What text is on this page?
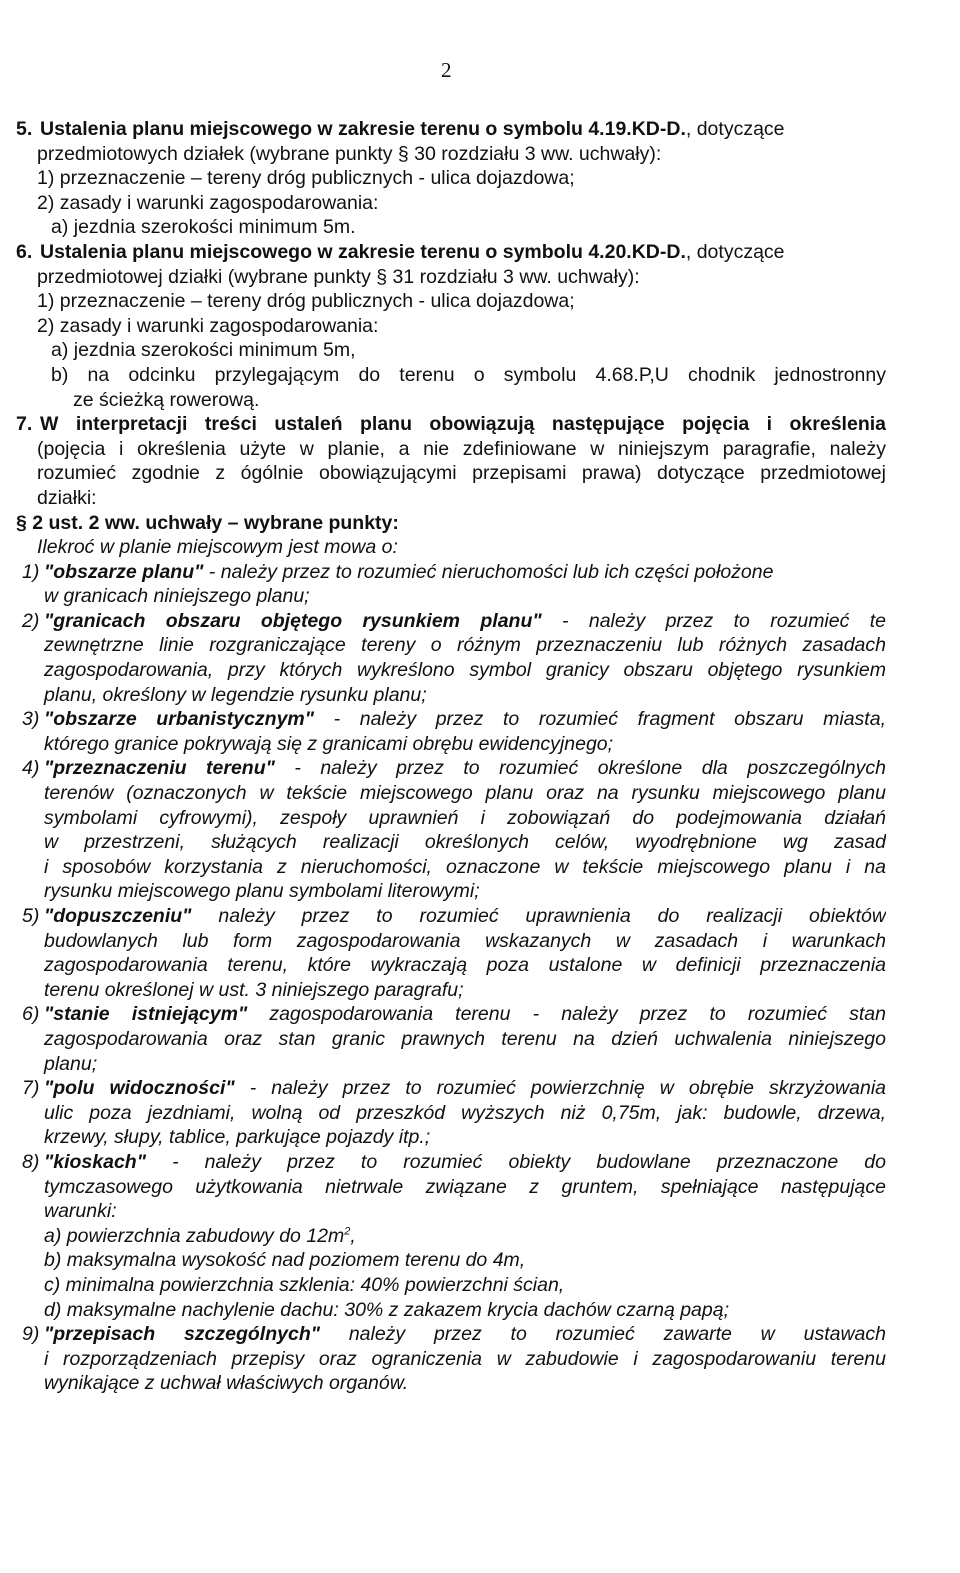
2
5. Ustalenia planu miejscowego w zakresie terenu o symbolu 4.19.KD-D., dotyczące
przedmiotowych działek (wybrane punkty § 30 rozdziału 3 ww. uchwały):
1) przeznaczenie – tereny dróg publicznych - ulica dojazdowa;
2) zasady i warunki zagospodarowania:
a) jezdnia szerokości minimum 5m.
6. Ustalenia planu miejscowego w zakresie terenu o symbolu 4.20.KD-D., dotyczące
przedmiotowej działki (wybrane punkty § 31 rozdziału 3 ww. uchwały):
1) przeznaczenie – tereny dróg publicznych - ulica dojazdowa;
2) zasady i warunki zagospodarowania:
a) jezdnia szerokości minimum 5m,
b) na odcinku przylegającym do terenu o symbolu 4.68.P,U chodnik jednostronny
ze ścieżką rowerową.
7. W interpretacji treści ustaleń planu obowiązują następujące pojęcia i określenia
(pojęcia i określenia użyte w planie, a nie zdefiniowane w niniejszym paragrafie, należy
rozumieć zgodnie z ógólnie obowiązującymi przepisami prawa) dotyczące przedmiotowej
działki:
§ 2 ust. 2 ww. uchwały – wybrane punkty:
Ilekroć w planie miejscowym jest mowa o:
1) "obszarze planu" - należy przez to rozumieć nieruchomości lub ich części położone
w granicach niniejszego planu;
2) "granicach obszaru objętego rysunkiem planu" - należy przez to rozumieć te
zewnętrzne linie rozgraniczające tereny o różnym przeznaczeniu lub różnych zasadach
zagospodarowania, przy których wykreślono symbol granicy obszaru objętego rysunkiem
planu, określony w legendzie rysunku planu;
3) "obszarze urbanistycznym" - należy przez to rozumieć fragment obszaru miasta,
którego granice pokrywają się z granicami obrębu ewidencyjnego;
4) "przeznaczeniu terenu" - należy przez to rozumieć określone dla poszczególnych
terenów (oznaczonych w tekście miejscowego planu oraz na rysunku miejscowego planu
symbolami cyfrowymi), zespoły uprawnień i zobowiązań do podejmowania działań
w przestrzeni, służących realizacji określonych celów, wyodrębnione wg zasad
i sposobów korzystania z nieruchomości, oznaczone w tekście miejscowego planu i na
rysunku miejscowego planu symbolami literowymi;
5) "dopuszczeniu" należy przez to rozumieć uprawnienia do realizacji obiektów
budowlanych lub form zagospodarowania wskazanych w zasadach i warunkach
zagospodarowania terenu, które wykraczają poza ustalone w definicji przeznaczenia
terenu określonej w ust. 3 niniejszego paragrafu;
6) "stanie istniejącym" zagospodarowania terenu - należy przez to rozumieć stan
zagospodarowania oraz stan granic prawnych terenu na dzień uchwalenia niniejszego
planu;
7) "polu widoczności" - należy przez to rozumieć powierzchnię w obrębie skrzyżowania
ulic poza jezdniami, wolną od przeszkód wyższych niż 0,75m, jak: budowle, drzewa,
krzewy, słupy, tablice, parkujące pojazdy itp.;
8) "kioskach" - należy przez to rozumieć obiekty budowlane przeznaczone do
tymczasowego użytkowania nietrwale związane z gruntem, spełniające następujące
warunki:
a) powierzchnia zabudowy do $12m^2$,
b) maksymalna wysokość nad poziomem terenu do 4m,
c) minimalna powierzchnia szklenia: 40% powierzchni ścian,
d) maksymalne nachylenie dachu: 30% z zakazem krycia dachów czarną papą;
9) "przepisach szczególnych" należy przez to rozumieć zawarte w ustawach
i rozporządzeniach przepisy oraz ograniczenia w zabudowie i zagospodarowaniu terenu
wynikające z uchwał właściwych organów.
